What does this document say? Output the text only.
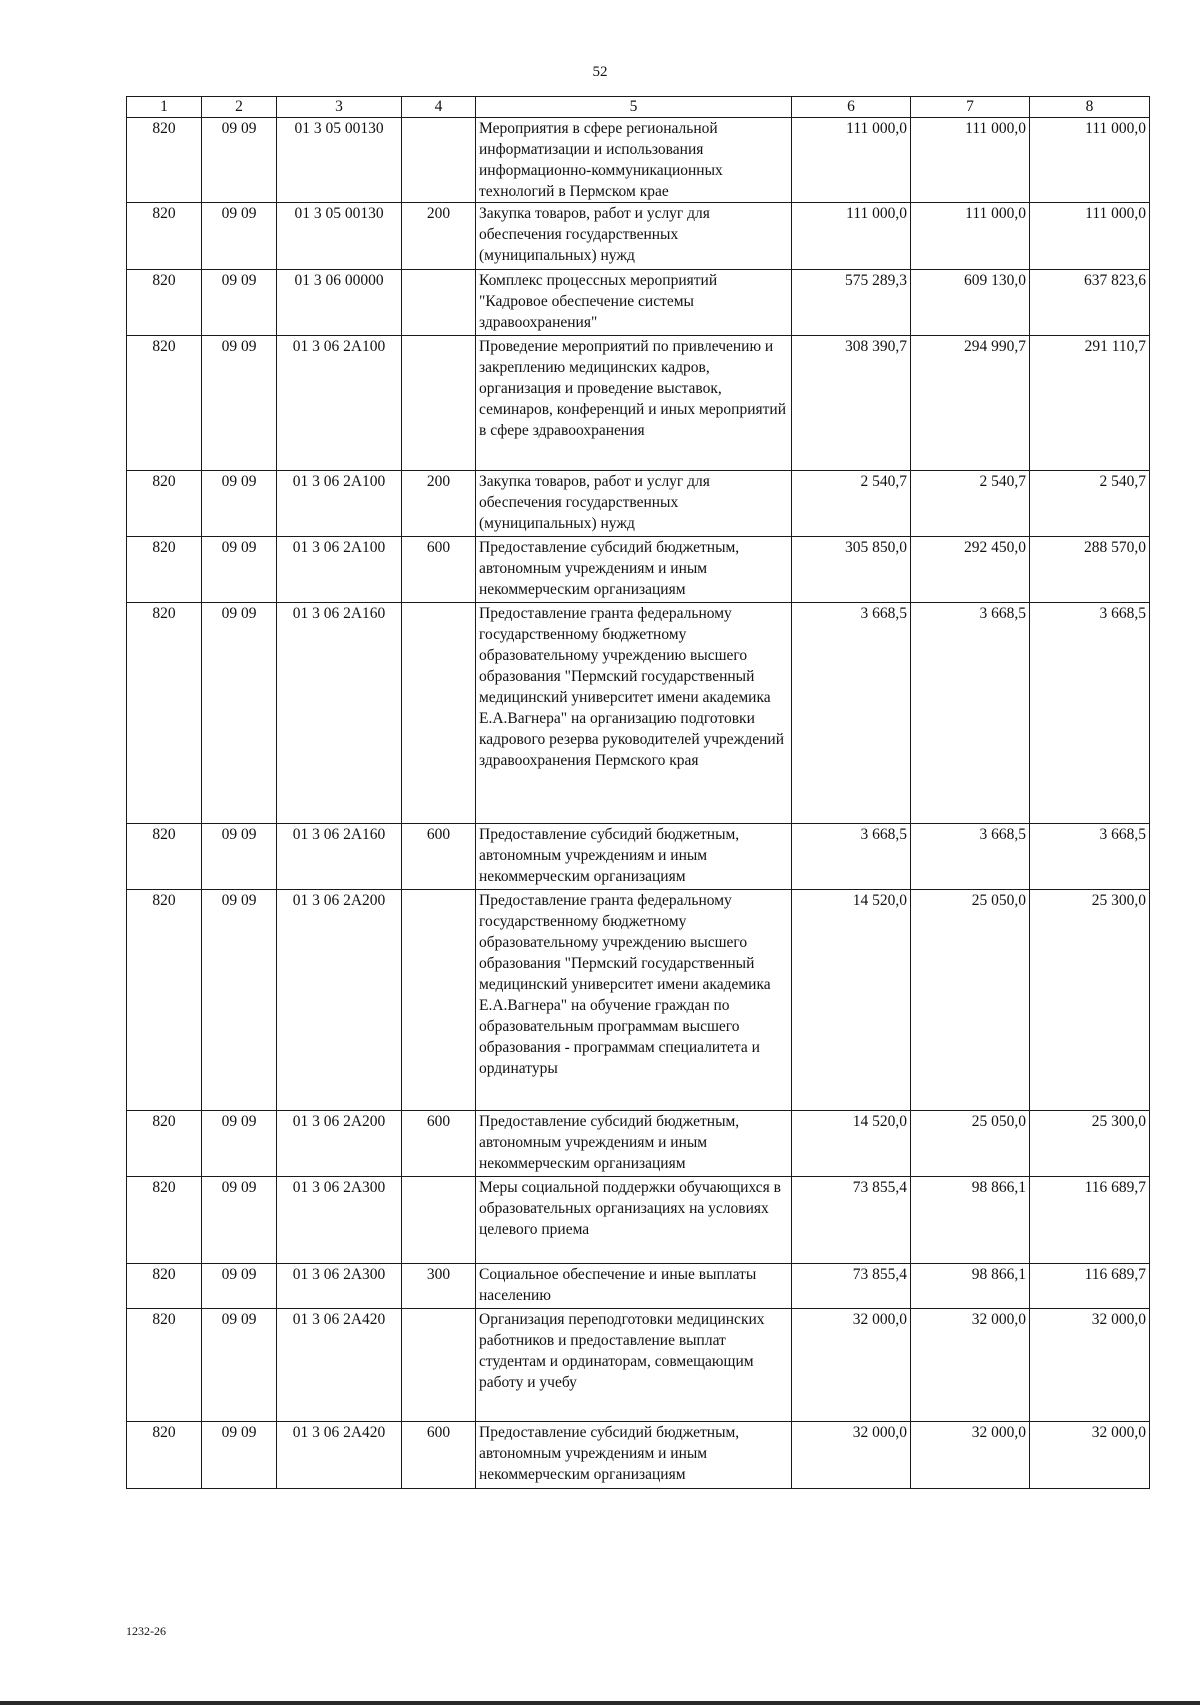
52
1	2	3	4	5	6	7	8
820	09 09	01 3 05 00130		Мероприятия в сфере региональной информатизации и использования информационно-коммуникационных технологий в Пермском крае	111 000,0	111 000,0	111 000,0
820	09 09	01 3 05 00130	200	Закупка товаров, работ и услуг для обеспечения государственных (муниципальных) нужд	111 000,0	111 000,0	111 000,0
820	09 09	01 3 06 00000		Комплекс процессных мероприятий "Кадровое обеспечение системы здравоохранения"	575 289,3	609 130,0	637 823,6
820	09 09	01 3 06 2А100		Проведение мероприятий по привлечению и закреплению медицинских кадров, организация и проведение выставок, семинаров, конференций и иных мероприятий в сфере здравоохранения	308 390,7	294 990,7	291 110,7
820	09 09	01 3 06 2А100	200	Закупка товаров, работ и услуг для обеспечения государственных (муниципальных) нужд	2 540,7	2 540,7	2 540,7
820	09 09	01 3 06 2А100	600	Предоставление субсидий бюджетным, автономным учреждениям и иным некоммерческим организациям	305 850,0	292 450,0	288 570,0
820	09 09	01 3 06 2А160		Предоставление гранта федеральному государственному бюджетному образовательному учреждению высшего образования "Пермский государственный медицинский университет имени академика Е.А.Вагнера" на организацию подготовки кадрового резерва руководителей учреждений здравоохранения Пермского края	3 668,5	3 668,5	3 668,5
820	09 09	01 3 06 2А160	600	Предоставление субсидий бюджетным, автономным учреждениям и иным некоммерческим организациям	3 668,5	3 668,5	3 668,5
820	09 09	01 3 06 2А200		Предоставление гранта федеральному государственному бюджетному образовательному учреждению высшего образования "Пермский государственный медицинский университет имени академика Е.А.Вагнера" на обучение граждан по образовательным программам высшего образования - программам специалитета и ординатуры	14 520,0	25 050,0	25 300,0
820	09 09	01 3 06 2А200	600	Предоставление субсидий бюджетным, автономным учреждениям и иным некоммерческим организациям	14 520,0	25 050,0	25 300,0
820	09 09	01 3 06 2А300		Меры социальной поддержки обучающихся в образовательных организациях на условиях целевого приема	73 855,4	98 866,1	116 689,7
820	09 09	01 3 06 2А300	300	Социальное обеспечение и иные выплаты населению	73 855,4	98 866,1	116 689,7
820	09 09	01 3 06 2А420		Организация переподготовки медицинских работников и предоставление выплат студентам и ординаторам, совмещающим работу и учебу	32 000,0	32 000,0	32 000,0
820	09 09	01 3 06 2А420	600	Предоставление субсидий бюджетным, автономным учреждениям и иным некоммерческим организациям	32 000,0	32 000,0	32 000,0
1232-26
